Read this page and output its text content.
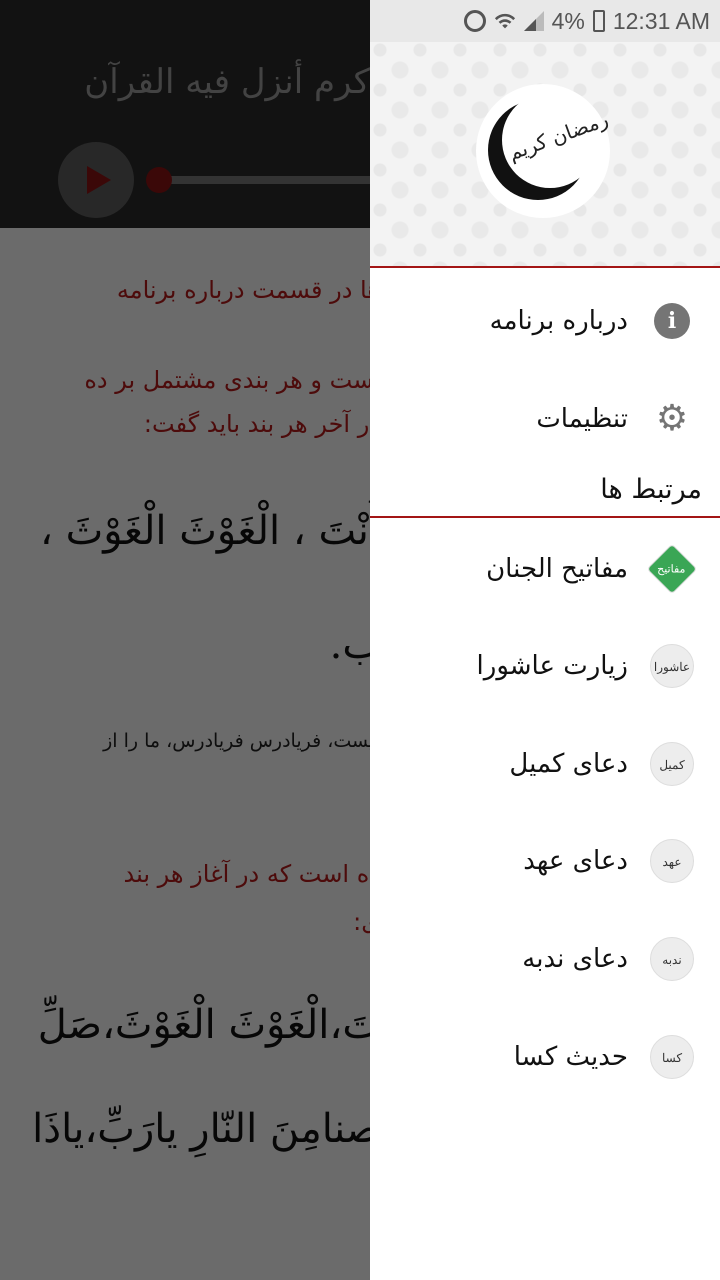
رمضان کریم
i
درباره برنامه
⚙
تنظیمات
مرتبط ها
مفاتیح
مفاتیح الجنان
عاشورا
زیارت عاشورا
کمیل
دعای کمیل
عهد
دعای عهد
ندبه
دعای ندبه
کسا
حدیث کسا
4% 12:31 AM
